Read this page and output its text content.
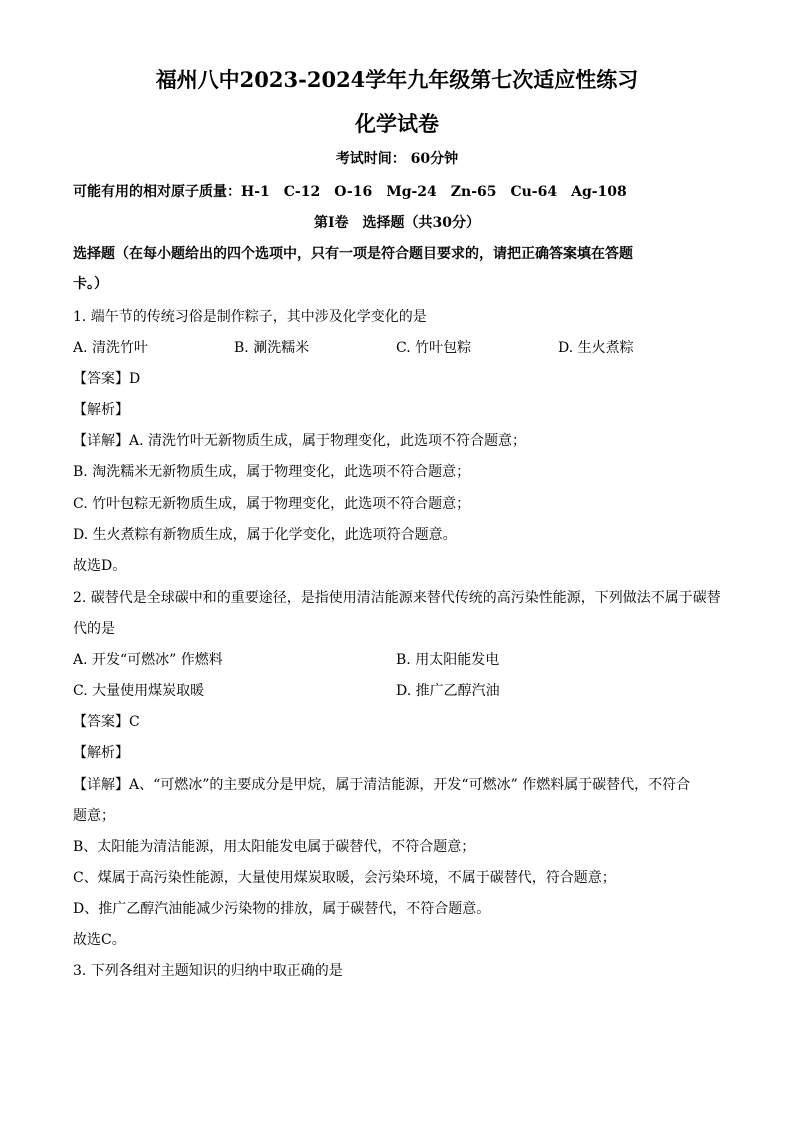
福州八中2023-2024学年九年级第七次适应性练习
化学试卷
考试时间： 60分钟
可能有用的相对原子质量：H-1　C-12　O-16　Mg-24　Zn-65　Cu-64　Ag-108
第Ⅰ卷　选择题（共30分）
选择题（在每小题给出的四个选项中，只有一项是符合题目要求的，请把正确答案填在答题
卡。）
1. 端午节的传统习俗是制作粽子，其中涉及化学变化的是
A. 清洗竹叶	B. 涮洗糯米	C. 竹叶包粽	D. 生火煮粽
【答案】D
【解析】
【详解】A. 清洗竹叶无新物质生成，属于物理变化，此选项不符合题意；
B. 淘洗糯米无新物质生成，属于物理变化，此选项不符合题意；
C. 竹叶包粽无新物质生成，属于物理变化，此选项不符合题意；
D. 生火煮粽有新物质生成，属于化学变化，此选项符合题意。
故选D。
2. 碳替代是全球碳中和的重要途径，是指使用清洁能源来替代传统的高污染性能源，下列做法不属于碳替
代的是
A. 开发“可燃冰” 作燃料	B. 用太阳能发电
C. 大量使用煤炭取暖	D. 推广乙醇汽油
【答案】C
【解析】
【详解】A、“可燃冰”的主要成分是甲烷，属于清洁能源，开发“可燃冰” 作燃料属于碳替代，不符合
题意；
B、太阳能为清洁能源，用太阳能发电属于碳替代，不符合题意；
C、煤属于高污染性能源，大量使用煤炭取暖，会污染环境，不属于碳替代，符合题意；
D、推广乙醇汽油能减少污染物的排放，属于碳替代，不符合题意。
故选C。
3. 下列各组对主题知识的归纳中取正确的是
